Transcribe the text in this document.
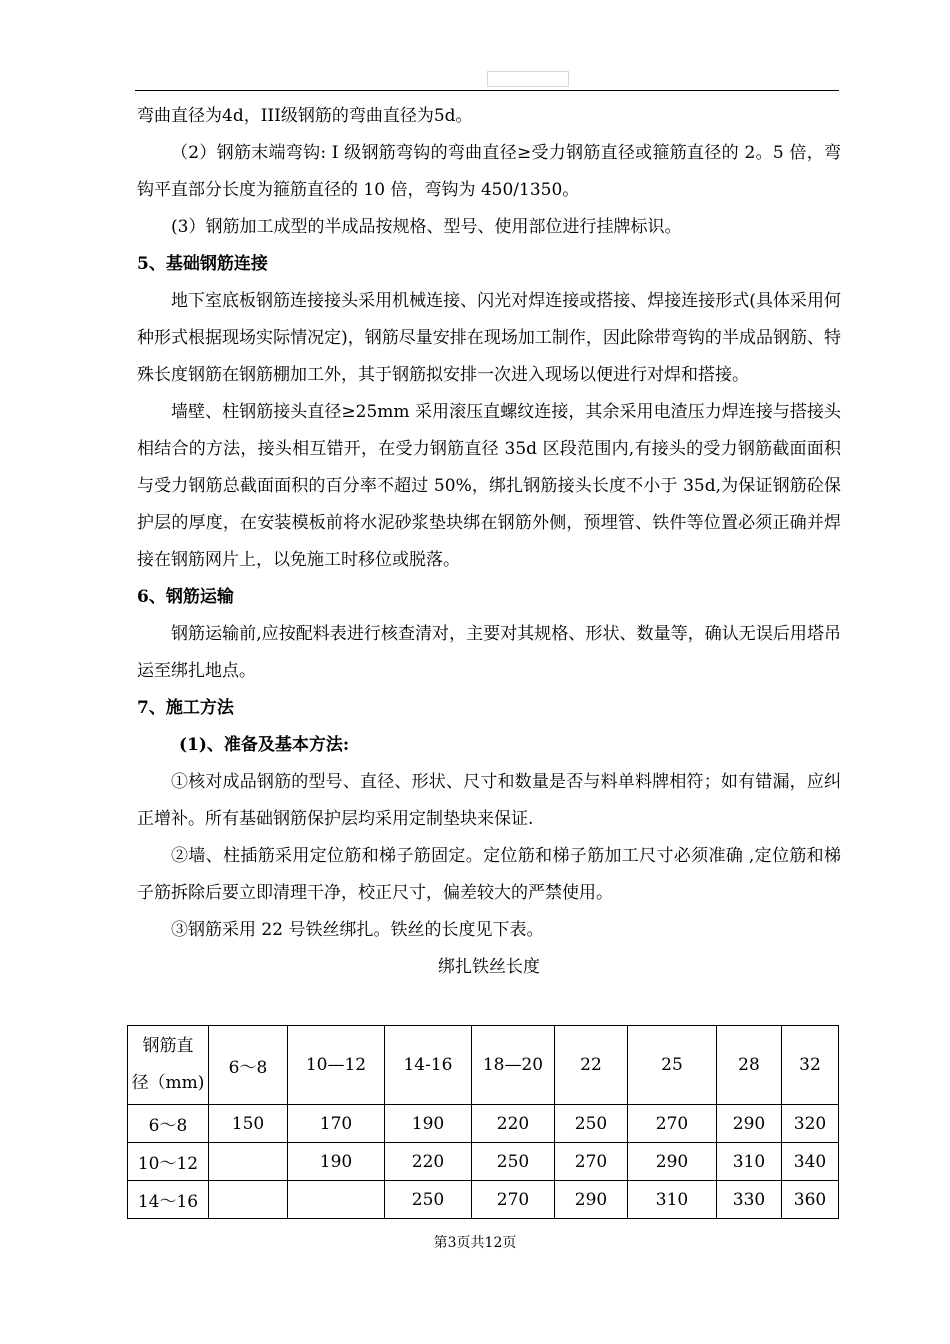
弯曲直径为4d，III级钢筋的弯曲直径为5d。

（2）钢筋末端弯钩: I 级钢筋弯钩的弯曲直径≥受力钢筋直径或箍筋直径的 2。5 倍，弯钩平直部分长度为箍筋直径的 10 倍，弯钩为 450/1350。

(3）钢筋加工成型的半成品按规格、型号、使用部位进行挂牌标识。

5、基础钢筋连接

地下室底板钢筋连接接头采用机械连接、闪光对焊连接或搭接、焊接连接形式(具体采用何种形式根据现场实际情况定)，钢筋尽量安排在现场加工制作，因此除带弯钩的半成品钢筋、特殊长度钢筋在钢筋棚加工外，其于钢筋拟安排一次进入现场以便进行对焊和搭接。

墙壁、柱钢筋接头直径≥25mm 采用滚压直螺纹连接，其余采用电渣压力焊连接与搭接头相结合的方法，接头相互错开，在受力钢筋直径 35d 区段范围内,有接头的受力钢筋截面面积与受力钢筋总截面面积的百分率不超过 50%，绑扎钢筋接头长度不小于 35d,为保证钢筋砼保护层的厚度，在安装模板前将水泥砂浆垫块绑在钢筋外侧，预埋管、铁件等位置必须正确并焊接在钢筋网片上，以免施工时移位或脱落。

6、钢筋运输

钢筋运输前,应按配料表进行核查清对，主要对其规格、形状、数量等，确认无误后用塔吊运至绑扎地点。

7、施工方法
(1)、准备及基本方法:

①核对成品钢筋的型号、直径、形状、尺寸和数量是否与料单料牌相符；如有错漏，应纠正增补。所有基础钢筋保护层均采用定制垫块来保证.

②墙、柱插筋采用定位筋和梯子筋固定。定位筋和梯子筋加工尺寸必须准确 ,定位筋和梯子筋拆除后要立即清理干净，校正尺寸，偏差较大的严禁使用。

③钢筋采用 22 号铁丝绑扎。铁丝的长度见下表。

绑扎铁丝长度
钢筋直
径（mm)	6～8	10—12	14-16	18—20	22	25	28	32
6～8	150	170	190	220	250	270	290	320
10～12		190	220	250	270	290	310	340
14～16			250	270	290	310	330	360
第3页共12页
